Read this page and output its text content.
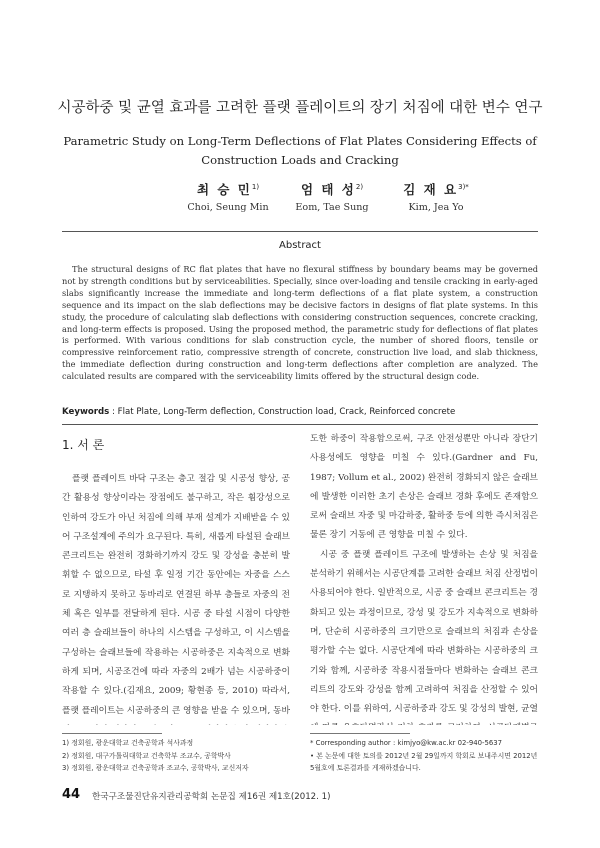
시공하중 및 균열 효과를 고려한 플랫 플레이트의 장기 처짐에 대한 변수 연구
Parametric Study on Long-Term Deflections of Flat Plates Considering Effects of
Construction Loads and Cracking
최 승 민$^{1)}$
Choi, Seung Min
엄 태 성$^{2)}$
Eom, Tae Sung
김 재 요$^{3)*}$
Kim, Jea Yo
Abstract
The structural designs of RC flat plates that have no flexural stiffness by boundary beams may be governed not by strength conditions but by serviceabilities. Specially, since over-loading and tensile cracking in early-aged slabs significantly increase the immediate and long-term deflections of a flat plate system, a construction sequence and its impact on the slab deflections may be decisive factors in designs of flat plate systems. In this study, the procedure of calculating slab deflections with considering construction sequences, concrete cracking, and long-term effects is proposed. Using the proposed method, the parametric study for deflections of flat plates is performed. With various conditions for slab construction cycle, the number of shored floors, tensile or compressive reinforcement ratio, compressive strength of concrete, construction live load, and slab thickness, the immediate deflection during construction and long-term deflections after completion are analyzed. The calculated results are compared with the serviceability limits offered by the structural design code.
Keywords : Flat Plate, Long-Term deflection, Construction load, Crack, Reinforced concrete
1. 서 론

플랫 플레이트 바닥 구조는 층고 절감 및 시공성 향상, 공간 활용성 향상이라는 장점에도 불구하고, 작은 휨강성으로 인하여 강도가 아닌 처짐에 의해 부재 설계가 지배받을 수 있어 구조설계에 주의가 요구된다. 특히, 새롭게 타설된 슬래브 콘크리트는 완전히 경화하기까지 강도 및 강성을 충분히 발휘할 수 없으므로, 타설 후 일정 기간 동안에는 자중을 스스로 지탱하지 못하고 동바리로 연결된 하부 층들로 자중의 전체 혹은 일부를 전달하게 된다. 시공 중 타설 시점이 다양한 여러 층 슬래브들이 하나의 시스템을 구성하고, 이 시스템을 구성하는 슬래브들에 작용하는 시공하중은 지속적으로 변화하게 되며, 시공조건에 따라 자중의 2배가 넘는 시공하중이 작용할 수 있다.(김재요, 2009; 황현종 등, 2010) 따라서, 플랫 플레이트는 시공하중의 큰 영향을 받을 수 있으며, 동바

도한 하중이 작용함으로써, 구조 안전성뿐만 아니라 장단기 사용성에도 영향을 미칠 수 있다.(Gardner and Fu, 1987; Vollum et al., 2002) 완전히 경화되지 않은 슬래브에 발생한 이러한 초기 손상은 슬래브 경화 후에도 존재함으로써 슬래브 자중 및 마감하중, 활하중 등에 의한 즉시처짐은 물론 장기 거동에 큰 영향을 미칠 수 있다.

시공 중 플랫 플레이트 구조에 발생하는 손상 및 처짐을 분석하기 위해서는 시공단계를 고려한 슬래브 처짐 산정법이 사용되어야 한다. 일반적으로, 시공 중 슬래브 콘크리트는 경화되고 있는 과정이므로, 강성 및 강도가 지속적으로 변화하며, 단순히 시공하중의 크기만으로 슬래브의 처짐과 손상을 평가할 수는 없다. 시공단계에 따라 변화하는 시공하중의 크기와 함께, 시공하중 작용시점들마다 변화하는 슬래브 콘크리트의 강도와 강성을 함께 고려하여 처짐을 산정할 수 있어야 한다. 이를 위하여, 시공하중과 강도 및 강성의 발현, 균열

1) 정회원, 광운대학교 건축공학과 석사과정
2) 정회원, 대구가톨릭대학교 건축학부 조교수, 공학박사
3) 정회원, 광운대학교 건축공학과 조교수, 공학박사, 교신저자
* Corresponding author : kimjyo@kw.ac.kr 02-940-5637
• 본 논문에 대한 토의를 2012년 2월 29일까지 학회로 보내주시면 2012년
5월호에 토론결과를 게재하겠습니다.
44 한국구조물진단유지관리공학회 논문집 제16권 제1호(2012. 1)
